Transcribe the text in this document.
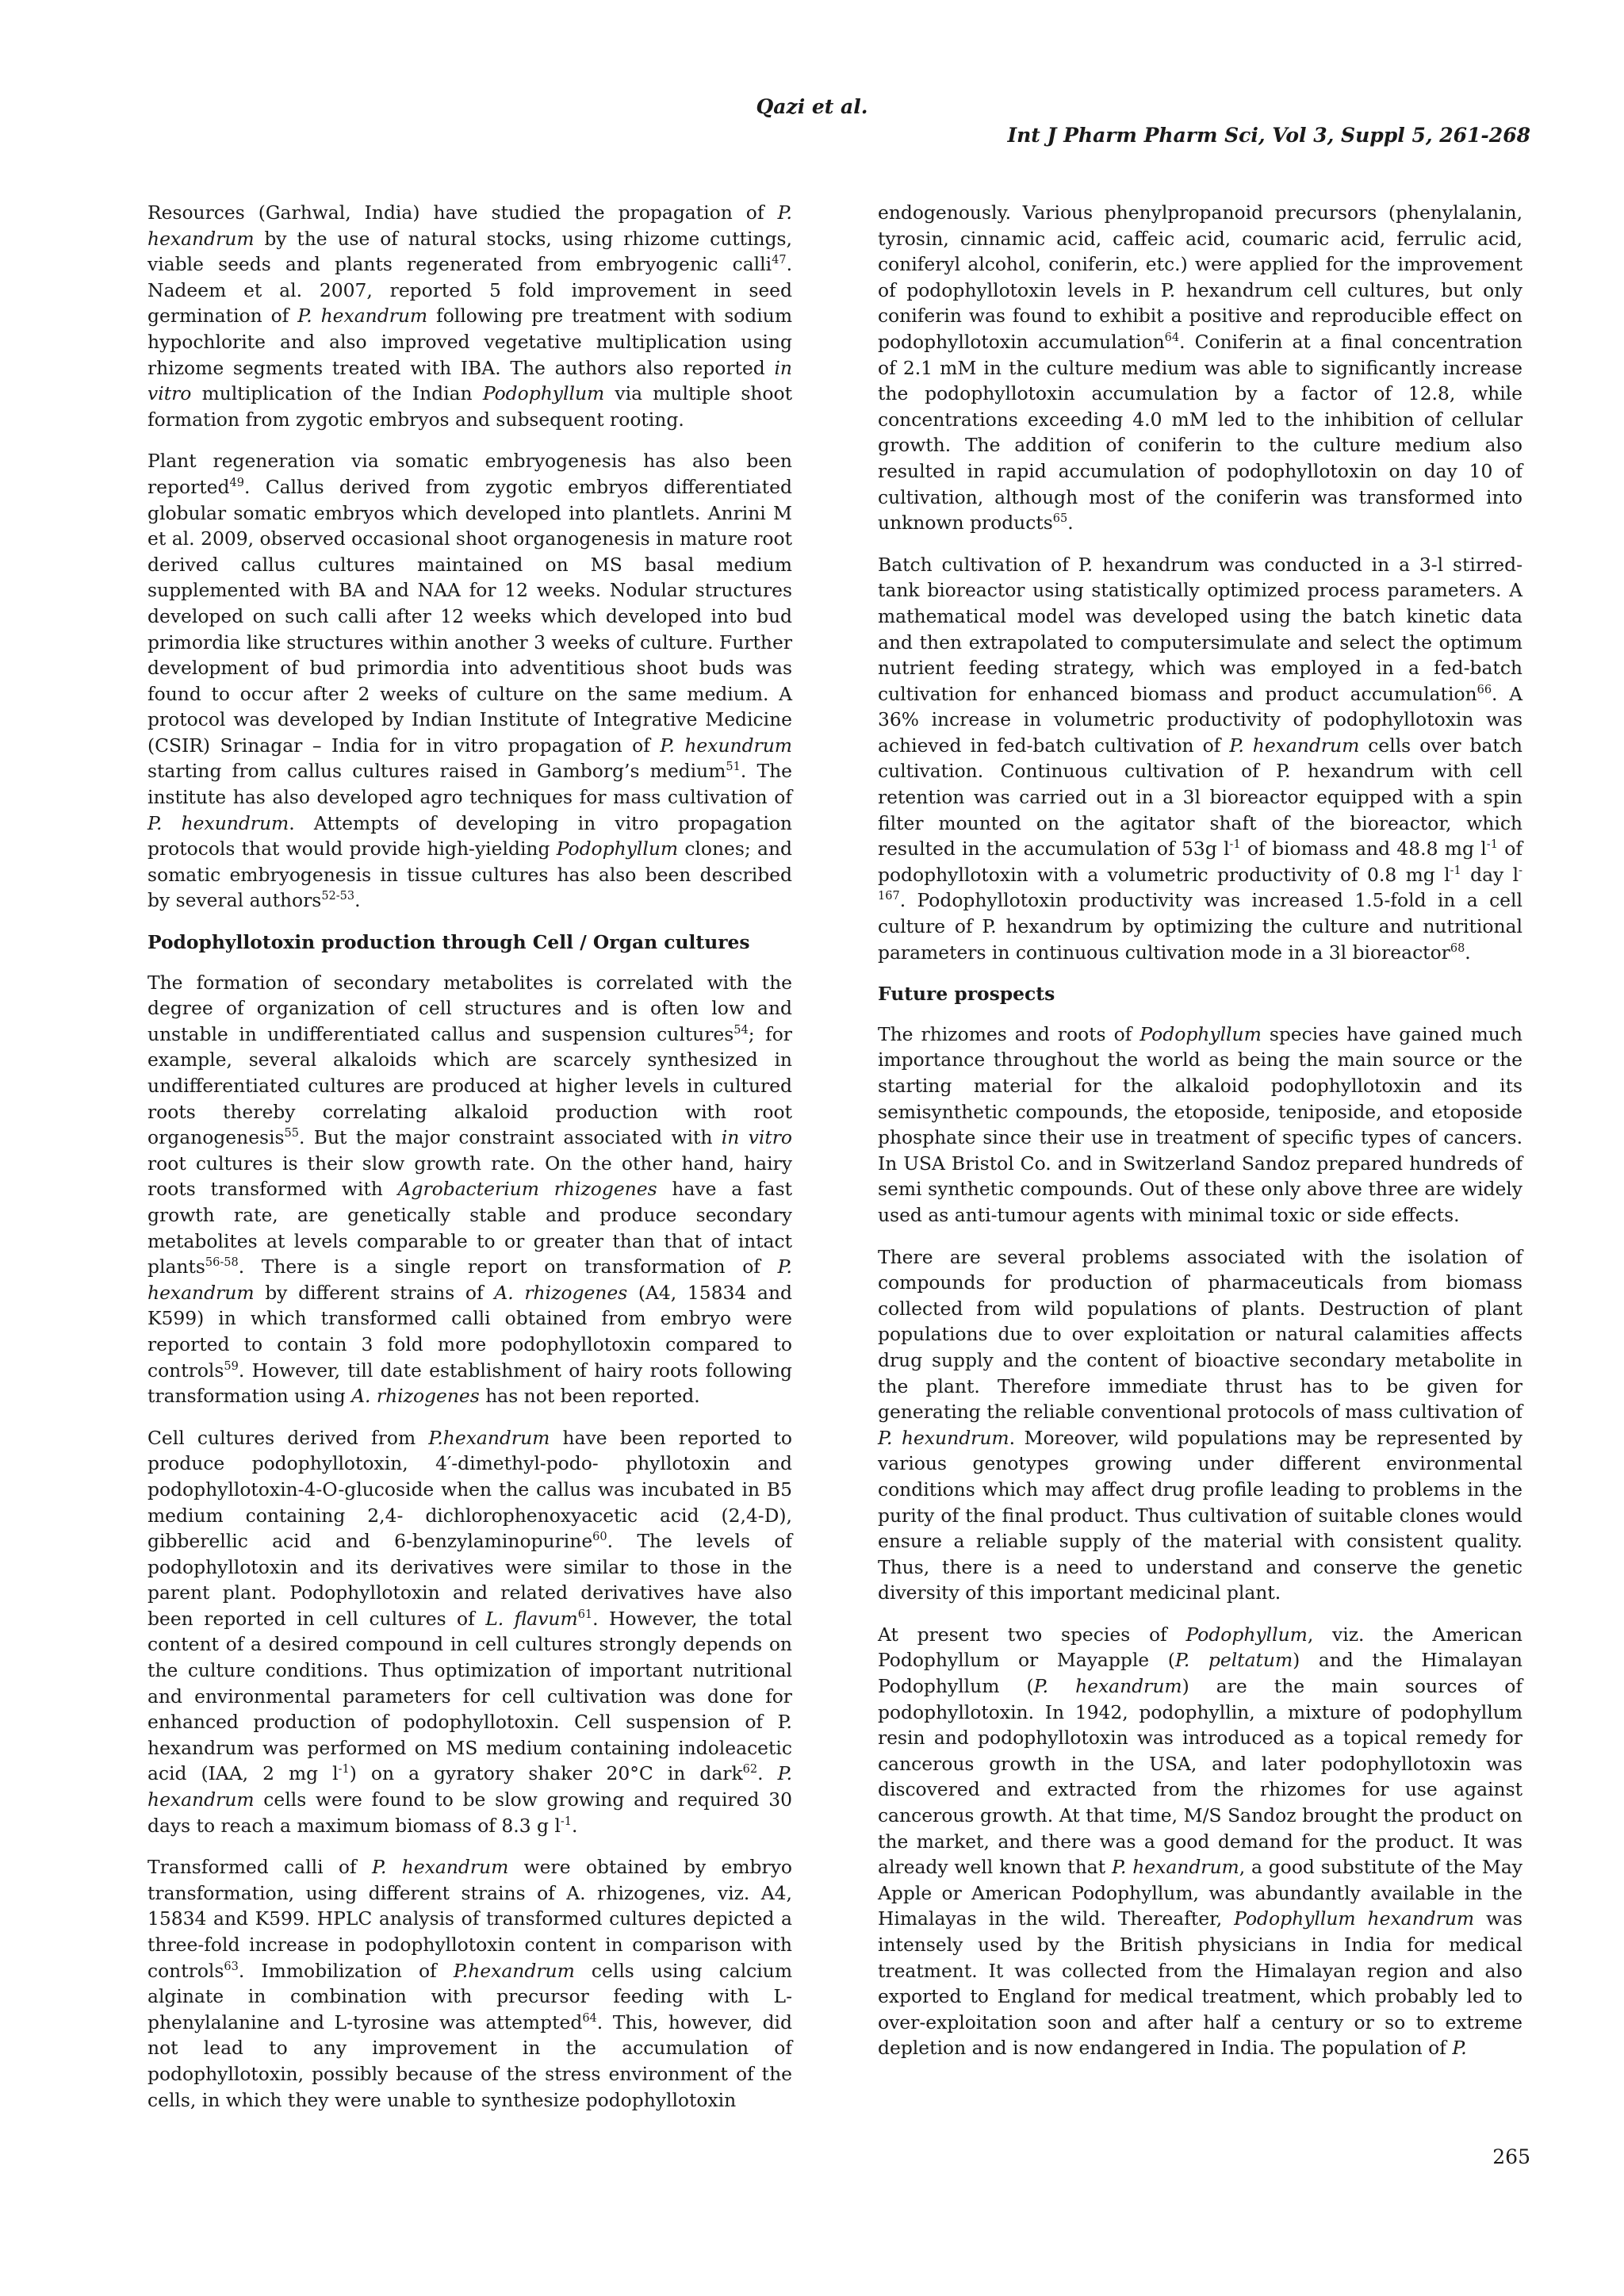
Qazi et al.
Int J Pharm Pharm Sci, Vol 3, Suppl 5, 261-268

Resources (Garhwal, India) have studied the propagation of P. hexandrum by the use of natural stocks, using rhizome cuttings, viable seeds and plants regenerated from embryogenic calli$^{47}$. Nadeem et al. 2007, reported 5 fold improvement in seed germination of P. hexandrum following pre treatment with sodium hypochlorite and also improved vegetative multiplication using rhizome segments treated with IBA. The authors also reported in vitro multiplication of the Indian Podophyllum via multiple shoot formation from zygotic embryos and subsequent rooting.

Plant regeneration via somatic embryogenesis has also been reported$^{49}$. Callus derived from zygotic embryos differentiated globular somatic embryos which developed into plantlets. Anrini M et al. 2009, observed occasional shoot organogenesis in mature root derived callus cultures maintained on MS basal medium supplemented with BA and NAA for 12 weeks. Nodular structures developed on such calli after 12 weeks which developed into bud primordia like structures within another 3 weeks of culture. Further development of bud primordia into adventitious shoot buds was found to occur after 2 weeks of culture on the same medium. A protocol was developed by Indian Institute of Integrative Medicine (CSIR) Srinagar – India for in vitro propagation of P. hexundrum starting from callus cultures raised in Gamborg’s medium$^{51}$. The institute has also developed agro techniques for mass cultivation of P. hexundrum. Attempts of developing in vitro propagation protocols that would provide high-yielding Podophyllum clones; and somatic embryogenesis in tissue cultures has also been described by several authors$^{52-53}$.

Podophyllotoxin production through Cell / Organ cultures

The formation of secondary metabolites is correlated with the degree of organization of cell structures and is often low and unstable in undifferentiated callus and suspension cultures$^{54}$; for example, several alkaloids which are scarcely synthesized in undifferentiated cultures are produced at higher levels in cultured roots thereby correlating alkaloid production with root organogenesis$^{55}$. But the major constraint associated with in vitro root cultures is their slow growth rate. On the other hand, hairy roots transformed with Agrobacterium rhizogenes have a fast growth rate, are genetically stable and produce secondary metabolites at levels comparable to or greater than that of intact plants$^{56-58}$. There is a single report on transformation of P. hexandrum by different strains of A. rhizogenes (A4, 15834 and K599) in which transformed calli obtained from embryo were reported to contain 3 fold more podophyllotoxin compared to controls$^{59}$. However, till date establishment of hairy roots following transformation using A. rhizogenes has not been reported.

Cell cultures derived from P.hexandrum have been reported to produce podophyllotoxin, 4′-dimethyl-podo- phyllotoxin and podophyllotoxin-4-O-glucoside when the callus was incubated in B5 medium containing 2,4- dichlorophenoxyacetic acid (2,4-D), gibberellic acid and 6-benzylaminopurine$^{60}$. The levels of podophyllotoxin and its derivatives were similar to those in the parent plant. Podophyllotoxin and related derivatives have also been reported in cell cultures of L. flavum$^{61}$. However, the total content of a desired compound in cell cultures strongly depends on the culture conditions. Thus optimization of important nutritional and environmental parameters for cell cultivation was done for enhanced production of podophyllotoxin. Cell suspension of P. hexandrum was performed on MS medium containing indoleacetic acid (IAA, 2 mg $l^{-1}$) on a gyratory shaker 20°C in dark$^{62}$. P. hexandrum cells were found to be slow growing and required 30 days to reach a maximum biomass of 8.3 g $l^{-1}$.

Transformed calli of P. hexandrum were obtained by embryo transformation, using different strains of A. rhizogenes, viz. A4, 15834 and K599. HPLC analysis of transformed cultures depicted a three-fold increase in podophyllotoxin content in comparison with controls$^{63}$. Immobilization of P.hexandrum cells using calcium alginate in combination with precursor feeding with L-phenylalanine and L-tyrosine was attempted$^{64}$. This, however, did not lead to any improvement in the accumulation of podophyllotoxin, possibly because of the stress environment of the cells, in which they were unable to synthesize podophyllotoxin

endogenously. Various phenylpropanoid precursors (phenylalanin, tyrosin, cinnamic acid, caffeic acid, coumaric acid, ferrulic acid, coniferyl alcohol, coniferin, etc.) were applied for the improvement of podophyllotoxin levels in P. hexandrum cell cultures, but only coniferin was found to exhibit a positive and reproducible effect on podophyllotoxin accumulation$^{64}$. Coniferin at a final concentration of 2.1 mM in the culture medium was able to significantly increase the podophyllotoxin accumulation by a factor of 12.8, while concentrations exceeding 4.0 mM led to the inhibition of cellular growth. The addition of coniferin to the culture medium also resulted in rapid accumulation of podophyllotoxin on day 10 of cultivation, although most of the coniferin was transformed into unknown products$^{65}$.

Batch cultivation of P. hexandrum was conducted in a 3-l stirred-tank bioreactor using statistically optimized process parameters. A mathematical model was developed using the batch kinetic data and then extrapolated to computersimulate and select the optimum nutrient feeding strategy, which was employed in a fed-batch cultivation for enhanced biomass and product accumulation$^{66}$. A 36% increase in volumetric productivity of podophyllotoxin was achieved in fed-batch cultivation of P. hexandrum cells over batch cultivation. Continuous cultivation of P. hexandrum with cell retention was carried out in a 3l bioreactor equipped with a spin filter mounted on the agitator shaft of the bioreactor, which resulted in the accumulation of 53g $l^{-1}$ of biomass and 48.8 mg $l^{-1}$ of podophyllotoxin with a volumetric productivity of 0.8 mg $l^{-1}$ day l- $^{167}$. Podophyllotoxin productivity was increased 1.5-fold in a cell culture of P. hexandrum by optimizing the culture and nutritional parameters in continuous cultivation mode in a 3l bioreactor$^{68}$.

Future prospects

The rhizomes and roots of Podophyllum species have gained much importance throughout the world as being the main source or the starting material for the alkaloid podophyllotoxin and its semisynthetic compounds, the etoposide, teniposide, and etoposide phosphate since their use in treatment of specific types of cancers. In USA Bristol Co. and in Switzerland Sandoz prepared hundreds of semi synthetic compounds. Out of these only above three are widely used as anti-tumour agents with minimal toxic or side effects.

There are several problems associated with the isolation of compounds for production of pharmaceuticals from biomass collected from wild populations of plants. Destruction of plant populations due to over exploitation or natural calamities affects drug supply and the content of bioactive secondary metabolite in the plant. Therefore immediate thrust has to be given for generating the reliable conventional protocols of mass cultivation of P. hexundrum. Moreover, wild populations may be represented by various genotypes growing under different environmental conditions which may affect drug profile leading to problems in the purity of the final product. Thus cultivation of suitable clones would ensure a reliable supply of the material with consistent quality. Thus, there is a need to understand and conserve the genetic diversity of this important medicinal plant.

At present two species of Podophyllum, viz. the American Podophyllum or Mayapple (P. peltatum) and the Himalayan Podophyllum (P. hexandrum) are the main sources of podophyllotoxin. In 1942, podophyllin, a mixture of podophyllum resin and podophyllotoxin was introduced as a topical remedy for cancerous growth in the USA, and later podophyllotoxin was discovered and extracted from the rhizomes for use against cancerous growth. At that time, M/S Sandoz brought the product on the market, and there was a good demand for the product. It was already well known that P. hexandrum, a good substitute of the May Apple or American Podophyllum, was abundantly available in the Himalayas in the wild. Thereafter, Podophyllum hexandrum was intensely used by the British physicians in India for medical treatment. It was collected from the Himalayan region and also exported to England for medical treatment, which probably led to over-exploitation soon and after half a century or so to extreme depletion and is now endangered in India. The population of P.

265
